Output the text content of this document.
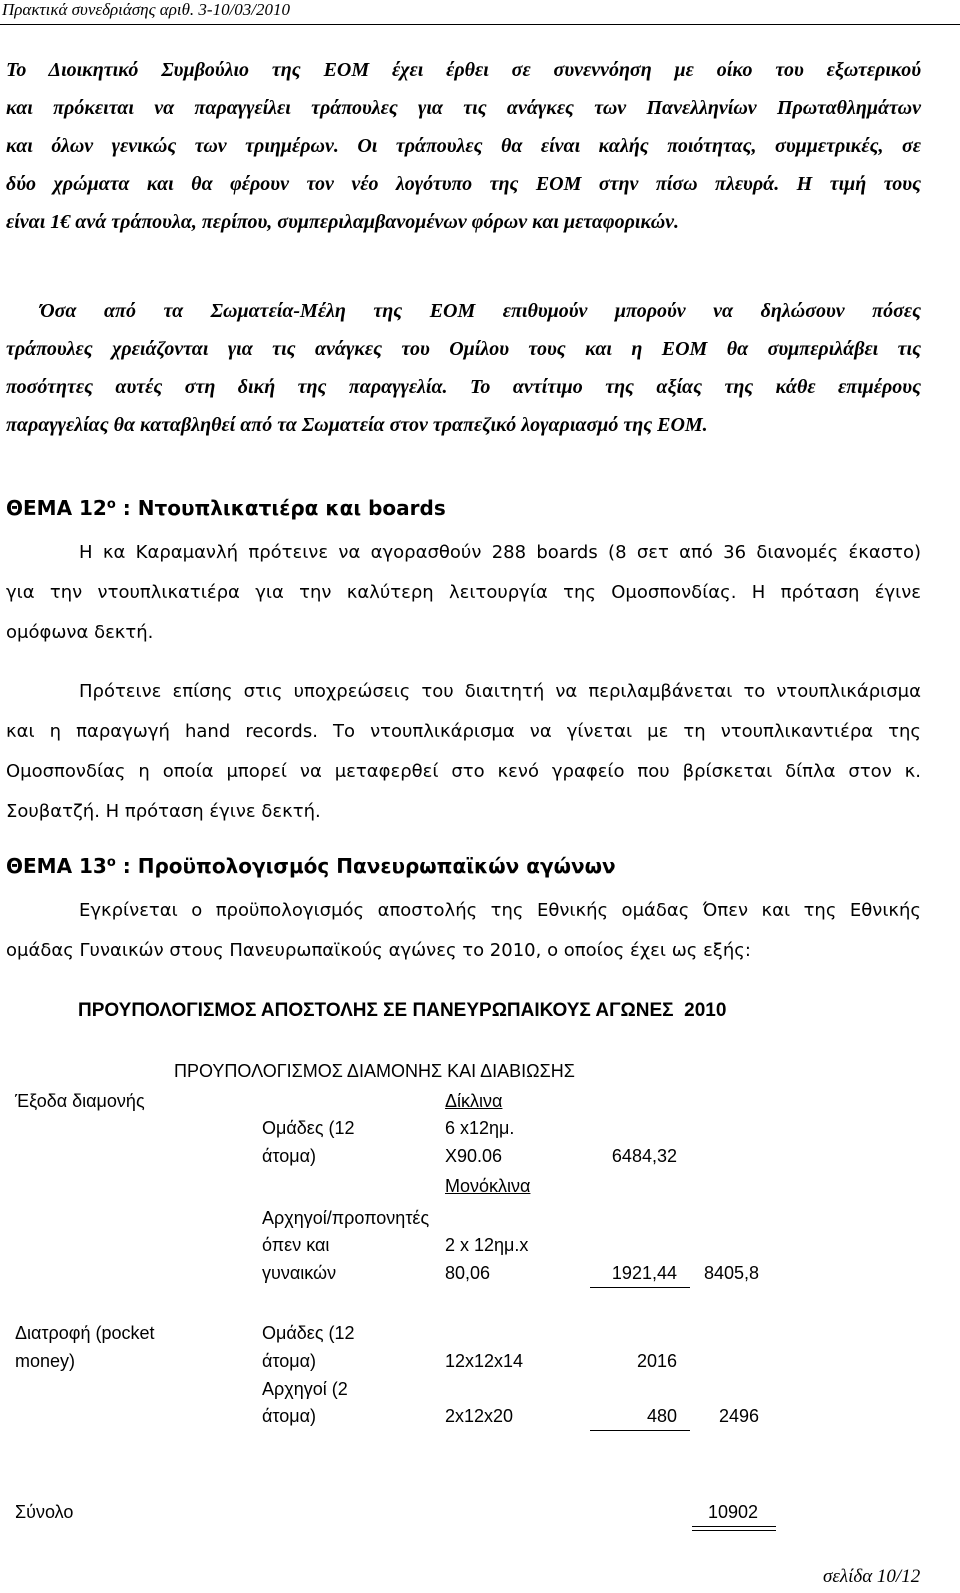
Πρακτικά συνεδριάσης αριθ. 3-10/03/2010
Το Διοικητικό Συμβούλιο της ΕΟΜ έχει έρθει σε συνεννόηση με οίκο του εξωτερικού
και πρόκειται να παραγγείλει τράπουλες για τις ανάγκες των Πανελληνίων Πρωταθλημάτων
και όλων γενικώς των τριημέρων. Οι τράπουλες θα είναι καλής ποιότητας, συμμετρικές, σε
δύο χρώματα και θα φέρουν τον νέο λογότυπο της ΕΟΜ στην πίσω πλευρά. Η τιμή τους
είναι 1€ ανά τράπουλα, περίπου, συμπεριλαμβανομένων φόρων και μεταφορικών.
Όσα από τα Σωματεία-Μέλη της ΕΟΜ επιθυμούν μπορούν να δηλώσουν πόσες
τράπουλες χρειάζονται για τις ανάγκες του Ομίλου τους και η ΕΟΜ θα συμπεριλάβει τις
ποσότητες αυτές στη δική της παραγγελία. Το αντίτιμο της αξίας της κάθε επιμέρους
παραγγελίας θα καταβληθεί από τα Σωματεία στον τραπεζικό λογαριασμό της ΕΟΜ.
ΘΕΜΑ $12^o$ : Ντουπλικατιέρα και boards
Η κα Καραμανλή πρότεινε να αγορασθούν 288 boards (8 σετ από 36 διανομές έκαστο)
για την ντουπλικατιέρα για την καλύτερη λειτουργία της Ομοσπονδίας. Η πρόταση έγινε
ομόφωνα δεκτή.
Πρότεινε επίσης στις υποχρεώσεις του διαιτητή να περιλαμβάνεται το ντουπλικάρισμα
και η παραγωγή hand records. Το ντουπλικάρισμα να γίνεται με τη ντουπλικαντιέρα της
Ομοσπονδίας η οποία μπορεί να μεταφερθεί στο κενό γραφείο που βρίσκεται δίπλα στον κ.
Σουβατζή. Η πρόταση έγινε δεκτή.
ΘΕΜΑ $13^o$ : Προϋπολογισμός Πανευρωπαϊκών αγώνων
Εγκρίνεται ο προϋπολογισμός αποστολής της Εθνικής ομάδας Όπεν και της Εθνικής
ομάδας Γυναικών στους Πανευρωπαϊκούς αγώνες το 2010, ο οποίος έχει ως εξής:
ΠΡΟΥΠΟΛΟΓΙΣΜΟΣ ΑΠΟΣΤΟΛΗΣ ΣΕ ΠΑΝΕΥΡΩΠΑΙΚΟΥΣ ΑΓΩΝΕΣ  2010
ΠΡΟΥΠΟΛΟΓΙΣΜΟΣ ΔΙΑΜΟΝΗΣ ΚΑΙ ΔΙΑΒΙΩΣΗΣ
Έξοδα διαμονής	Δίκλινα
Ομάδες (12	6 x12ημ.
άτομα)	X90.06	6484,32
Μονόκλινα
Αρχηγοί/προπονητές
όπεν και	2 x 12ημ.x
γυναικών	80,06	1921,44 8405,8
Διατροφή (pocket	Ομάδες (12
money)	άτομα)	12x12x14	2016
Αρχηγοί (2
άτομα)	2x12x20	480 2496
Σύνολο	10902
σελίδα 10/12
